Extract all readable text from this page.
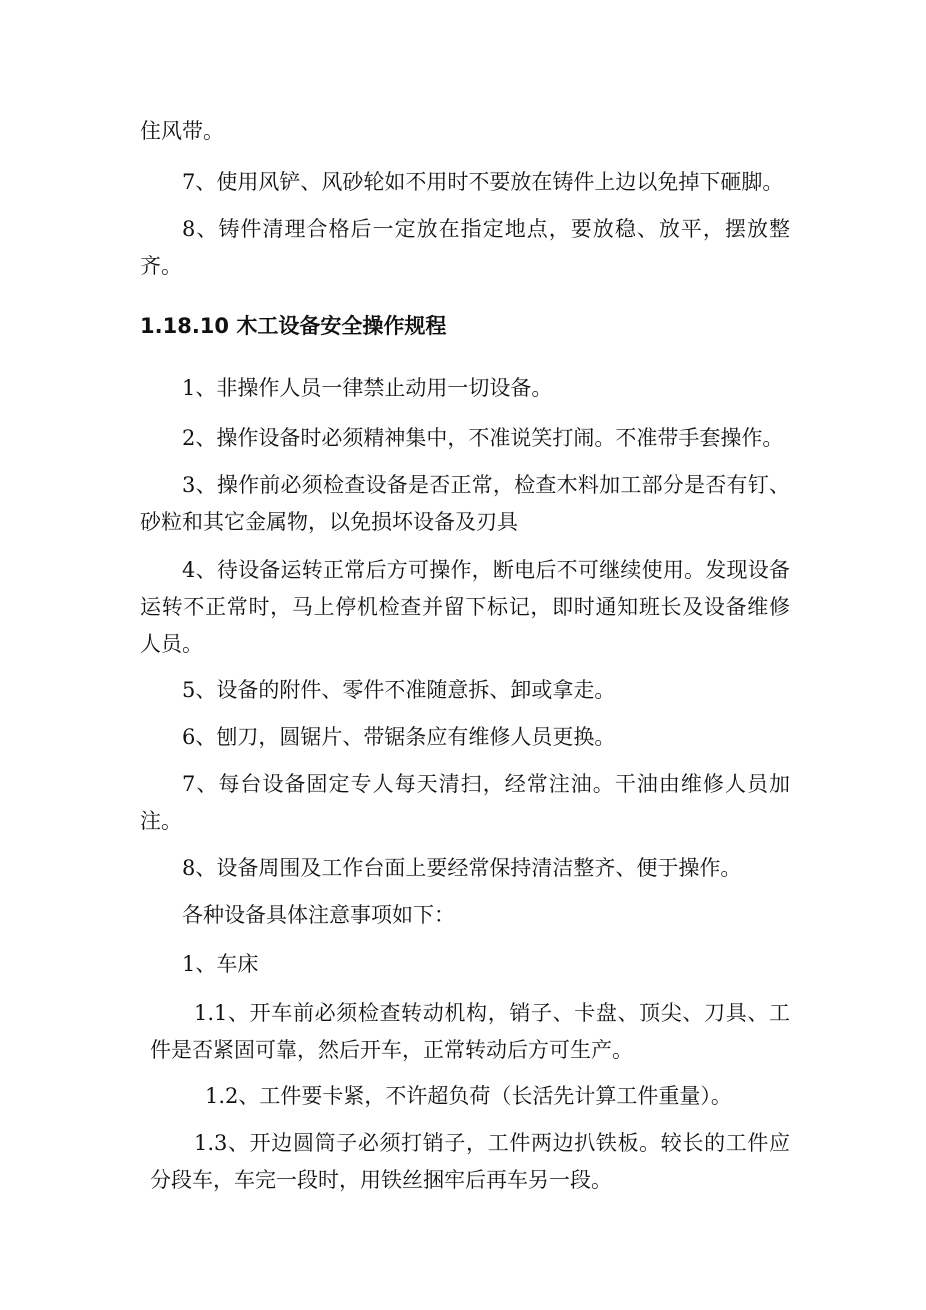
住风带。

7、使用风铲、风砂轮如不用时不要放在铸件上边以免掉下砸脚。

8、铸件清理合格后一定放在指定地点，要放稳、放平，摆放整齐。

1.18.10 木工设备安全操作规程

1、非操作人员一律禁止动用一切设备。

2、操作设备时必须精神集中，不准说笑打闹。不准带手套操作。

3、操作前必须检查设备是否正常，检查木料加工部分是否有钉、砂粒和其它金属物，以免损坏设备及刃具

4、待设备运转正常后方可操作，断电后不可继续使用。发现设备运转不正常时，马上停机检查并留下标记，即时通知班长及设备维修人员。

5、设备的附件、零件不准随意拆、卸或拿走。

6、刨刀，圆锯片、带锯条应有维修人员更换。

7、每台设备固定专人每天清扫，经常注油。干油由维修人员加注。

8、设备周围及工作台面上要经常保持清洁整齐、便于操作。

各种设备具体注意事项如下：

1、车床

1.1、开车前必须检查转动机构，销子、卡盘、顶尖、刀具、工件是否紧固可靠，然后开车，正常转动后方可生产。

1.2、工件要卡紧，不许超负荷（长活先计算工件重量）。

1.3、开边圆筒子必须打销子，工件两边扒铁板。较长的工件应分段车，车完一段时，用铁丝捆牢后再车另一段。
